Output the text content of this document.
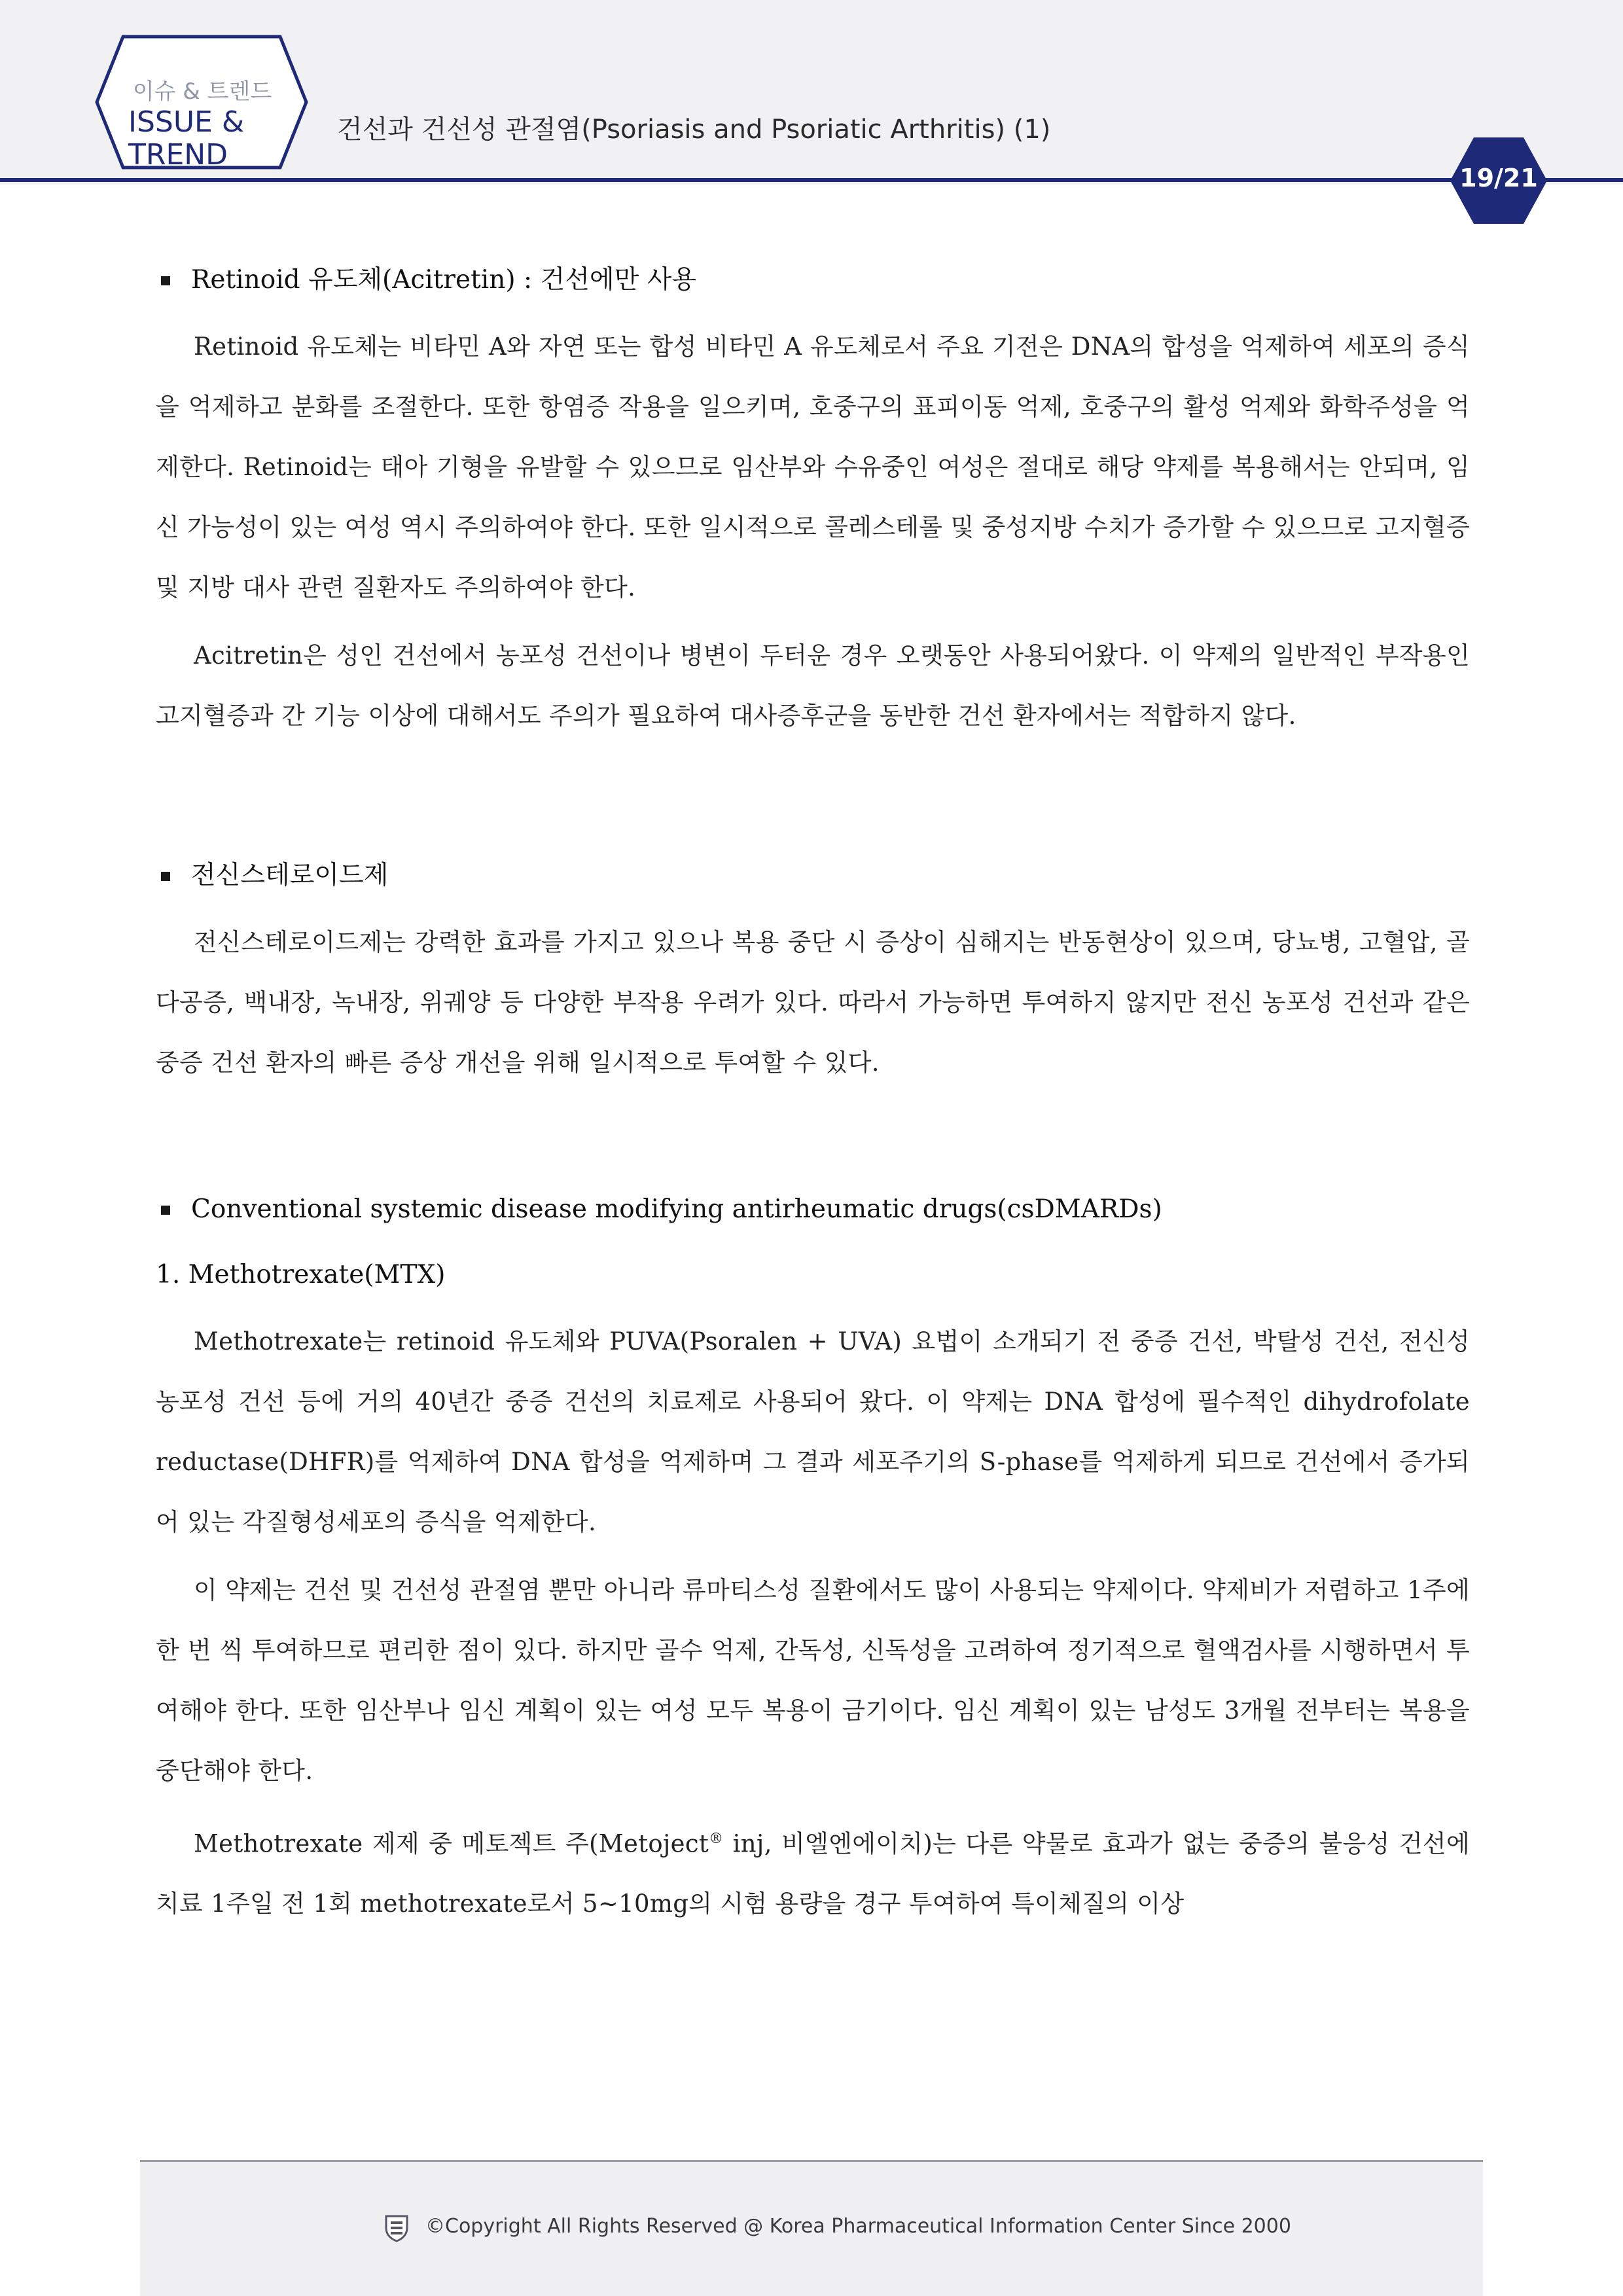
이슈 & 트렌드
ISSUE &
TREND
건선과 건선성 관절염(Psoriasis and Psoriatic Arthritis) (1)
19/21
Retinoid 유도체(Acitretin) : 건선에만 사용

Retinoid 유도체는 비타민 A와 자연 또는 합성 비타민 A 유도체로서 주요 기전은 DNA의 합성을 억제하여 세포의 증식을 억제하고 분화를 조절한다. 또한 항염증 작용을 일으키며, 호중구의 표피이동 억제, 호중구의 활성 억제와 화학주성을 억제한다. Retinoid는 태아 기형을 유발할 수 있으므로 임산부와 수유중인 여성은 절대로 해당 약제를 복용해서는 안되며, 임신 가능성이 있는 여성 역시 주의하여야 한다. 또한 일시적으로 콜레스테롤 및 중성지방 수치가 증가할 수 있으므로 고지혈증 및 지방 대사 관련 질환자도 주의하여야 한다.

Acitretin은 성인 건선에서 농포성 건선이나 병변이 두터운 경우 오랫동안 사용되어왔다. 이 약제의 일반적인 부작용인 고지혈증과 간 기능 이상에 대해서도 주의가 필요하여 대사증후군을 동반한 건선 환자에서는 적합하지 않다.

전신스테로이드제

전신스테로이드제는 강력한 효과를 가지고 있으나 복용 중단 시 증상이 심해지는 반동현상이 있으며, 당뇨병, 고혈압, 골다공증, 백내장, 녹내장, 위궤양 등 다양한 부작용 우려가 있다. 따라서 가능하면 투여하지 않지만 전신 농포성 건선과 같은 중증 건선 환자의 빠른 증상 개선을 위해 일시적으로 투여할 수 있다.

Conventional systemic disease modifying antirheumatic drugs(csDMARDs)
1. Methotrexate(MTX)

Methotrexate는 retinoid 유도체와 PUVA(Psoralen + UVA) 요법이 소개되기 전 중증 건선, 박탈성 건선, 전신성 농포성 건선 등에 거의 40년간 중증 건선의 치료제로 사용되어 왔다. 이 약제는 DNA 합성에 필수적인 dihydrofolate reductase(DHFR)를 억제하여 DNA 합성을 억제하며 그 결과 세포주기의 S-phase를 억제하게 되므로 건선에서 증가되어 있는 각질형성세포의 증식을 억제한다.

이 약제는 건선 및 건선성 관절염 뿐만 아니라 류마티스성 질환에서도 많이 사용되는 약제이다. 약제비가 저렴하고 1주에 한 번 씩 투여하므로 편리한 점이 있다. 하지만 골수 억제, 간독성, 신독성을 고려하여 정기적으로 혈액검사를 시행하면서 투여해야 한다. 또한 임산부나 임신 계획이 있는 여성 모두 복용이 금기이다. 임신 계획이 있는 남성도 3개월 전부터는 복용을 중단해야 한다.

Methotrexate 제제 중 메토젝트 주(Metoject® inj, 비엘엔에이치)는 다른 약물로 효과가 없는 중증의 불응성 건선에 치료 1주일 전 1회 methotrexate로서 5∼10mg의 시험 용량을 경구 투여하여 특이체질의 이상

©Copyright All Rights Reserved @ Korea Pharmaceutical Information Center Since 2000
